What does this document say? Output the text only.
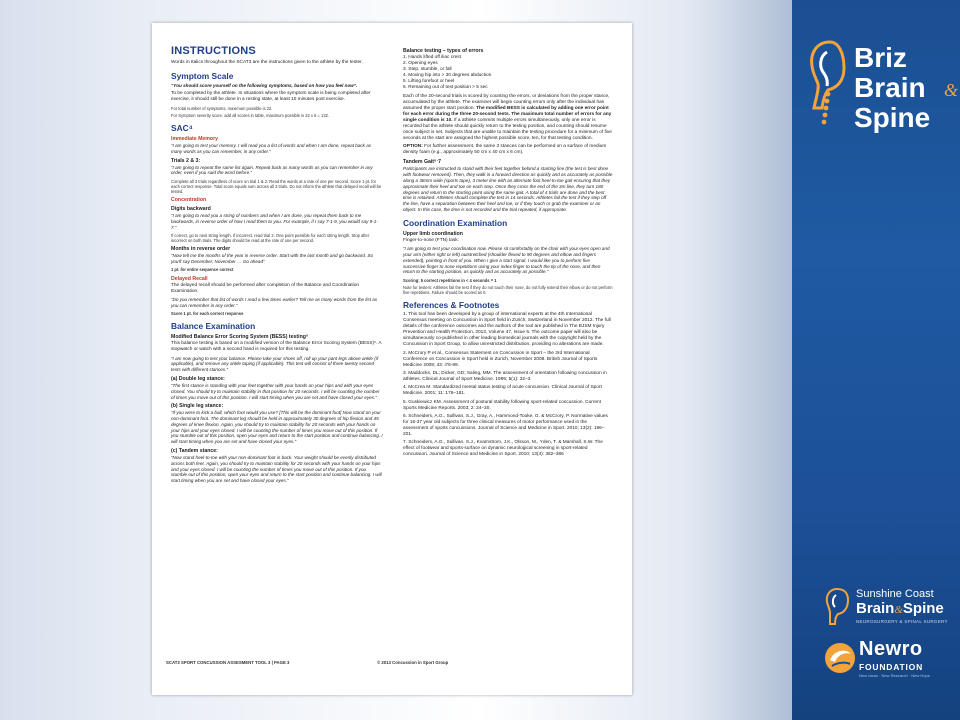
INSTRUCTIONS

Words in Italics throughout the SCAT3 are the instructions given to the athlete by the tester.

Symptom Scale

“You should score yourself on the following symptoms, based on how you feel now”.

To be completed by the athlete. In situations where the symptom scale is being completed after exercise, it should still be done in a resting state, at least 10 minutes post exercise.

For total number of symptoms, maximum possible is 22.

For Symptom severity score, add all scores in table, maximum possible is 22 x 6 = 132.

SAC⁴
Immediate Memory

“I am going to test your memory. I will read you a list of words and when I am done, repeat back as many words as you can remember, in any order.”

Trials 2 & 3:

“I am going to repeat the same list again. Repeat back as many words as you can remember in any order, even if you said the word before.”

Complete all 3 trials regardless of score on trial 1 & 2. Read the words at a rate of one per second. Score 1 pt. for each correct response. Total score equals sum across all 3 trials. Do not inform the athlete that delayed recall will be tested.

Concentration
Digits backward

“I am going to read you a string of numbers and when I am done, you repeat them back to me backwards, in reverse order of how I read them to you. For example, if I say 7-1-9, you would say 9-1-7.”

If correct, go to next string length. If incorrect, read trial 2. One point possible for each string length. Stop after incorrect on both trials. The digits should be read at the rate of one per second.

Months in reverse order

“Now tell me the months of the year in reverse order. Start with the last month and go backward. So you'll say December, November … Go ahead”

1 pt. for entire sequence correct

Delayed Recall

The delayed recall should be performed after completion of the Balance and Coordination Examination.

“Do you remember that list of words I read a few times earlier? Tell me as many words from the list as you can remember in any order.”

Score 1 pt. for each correct response

Balance Examination
Modified Balance Error Scoring System (BESS) testing⁵

This balance testing is based on a modified version of the Balance Error Scoring System (BESS)⁵. A stopwatch or watch with a second hand is required for this testing.

“I am now going to test your balance. Please take your shoes off, roll up your pant legs above ankle (if applicable), and remove any ankle taping (if applicable). This test will consist of three twenty second tests with different stances.”

(a) Double leg stance:

“The first stance is standing with your feet together with your hands on your hips and with your eyes closed. You should try to maintain stability in that position for 20 seconds. I will be counting the number of times you move out of this position. I will start timing when you are set and have closed your eyes.”

(b) Single leg stance:

“If you were to kick a ball, which foot would you use? [This will be the dominant foot] Now stand on your non-dominant foot. The dominant leg should be held in approximately 30 degrees of hip flexion and 45 degrees of knee flexion. Again, you should try to maintain stability for 20 seconds with your hands on your hips and your eyes closed. I will be counting the number of times you move out of this position. If you stumble out of this position, open your eyes and return to the start position and continue balancing. I will start timing when you are set and have closed your eyes.”

(c) Tandem stance:

“Now stand heel-to-toe with your non-dominant foot in back. Your weight should be evenly distributed across both feet. Again, you should try to maintain stability for 20 seconds with your hands on your hips and your eyes closed. I will be counting the number of times you move out of this position. If you stumble out of this position, open your eyes and return to the start position and continue balancing. I will start timing when you are set and have closed your eyes.”

Balance testing – types of errors
1. Hands lifted off iliac crest
2. Opening eyes
3. Step, stumble, or fall
4. Moving hip into > 30 degrees abduction
5. Lifting forefoot or heel
6. Remaining out of test position > 5 sec

Each of the 20-second trials is scored by counting the errors, or deviations from the proper stance, accumulated by the athlete. The examiner will begin counting errors only after the individual has assumed the proper start position. The modified BESS is calculated by adding one error point for each error during the three 20-second tests. The maximum total number of errors for any single condition is 10. If a athlete commits multiple errors simultaneously, only one error is recorded but the athlete should quickly return to the testing position, and counting should resume once subject is set. Subjects that are unable to maintain the testing procedure for a minimum of five seconds at the start are assigned the highest possible score, ten, for that testing condition.

OPTION: For further assessment, the same 3 stances can be performed on a surface of medium density foam (e.g., approximately 50 cm x 40 cm x 6 cm).

Tandem Gait⁶ˑ7

Participants are instructed to stand with their feet together behind a starting line (the test is best done with footwear removed). Then, they walk in a forward direction as quickly and as accurately as possible along a 38mm wide (sports tape), 3 meter line with an alternate foot heel-to-toe gait ensuring that they approximate their heel and toe on each step. Once they cross the end of the 3m line, they turn 180 degrees and return to the starting point using the same gait. A total of 4 trials are done and the best time is retained. Athletes should complete the test in 14 seconds. Athletes fail the test if they step off the line, have a separation between their heel and toe, or if they touch or grab the examiner or an object. In this case, the time is not recorded and the trial repeated, if appropriate.

Coordination Examination
Upper limb coordination

Finger-to-nose (FTN) task:

“I am going to test your coordination now. Please sit comfortably on the chair with your eyes open and your arm (either right or left) outstretched (shoulder flexed to 90 degrees and elbow and fingers extended), pointing in front of you. When I give a start signal, I would like you to perform five successive finger to nose repetitions using your index finger to touch the tip of the nose, and then return to the starting position, as quickly and as accurately as possible.”

Scoring: 5 correct repetitions in < 4 seconds = 1

Note for testers: Athletes fail the test if they do not touch their nose, do not fully extend their elbow or do not perform five repetitions. Failure should be scored as 0.

References & Footnotes

1. This tool has been developed by a group of international experts at the 4th International Consensus meeting on Concussion in Sport held in Zurich, Switzerland in November 2012. The full details of the conference outcomes and the authors of the tool are published in The BJSM Injury Prevention and Health Protection, 2013, Volume 47, Issue 5. The outcome paper will also be simultaneously co-published in other leading biomedical journals with the copyright held by the Concussion in Sport Group, to allow unrestricted distribution, providing no alterations are made.

2. McCrory P et al., Consensus Statement on Concussion in Sport – the 3rd International Conference on Concussion in Sport held in Zurich, November 2008. British Journal of Sports Medicine 2009; 43: i76-89.

3. Maddocks, DL; Dicker, GD; Saling, MM. The assessment of orientation following concussion in athletes. Clinical Journal of Sport Medicine. 1995; 5(1): 32–3.

4. McCrea M. Standardized mental status testing of acute concussion. Clinical Journal of Sport Medicine. 2001; 11: 176–181.

5. Guskiewicz KM. Assessment of postural stability following sport-related concussion. Current Sports Medicine Reports. 2003; 2: 24–30.

6. Schneiders, A.G., Sullivan, S.J., Gray, A., Hammond-Tooke, G. & McCrory, P. Normative values for 16-37 year old subjects for three clinical measures of motor performance used in the assessment of sports concussions. Journal of Science and Medicine in Sport. 2010; 13(2): 196–201.

7. Schneiders, A.G., Sullivan, S.J., Kvarnstrom, J.K., Olsson, M., Yden, T. & Marshall, S.W. The effect of footwear and sports-surface on dynamic neurological screening in sport-related concussion. Journal of Science and Medicine in Sport. 2010; 13(4): 382–386

SCAT3 SPORT CONCUSSION ASSESMENT TOOL 3 | PAGE 3	© 2013 Concussion in Sport Group
Briz
Brain &
Spine
Sunshine Coast
Brain&Spine
NEUROSURGERY & SPINAL SURGERY
Newro
FOUNDATION
New Ideas · New Research · New Hope
